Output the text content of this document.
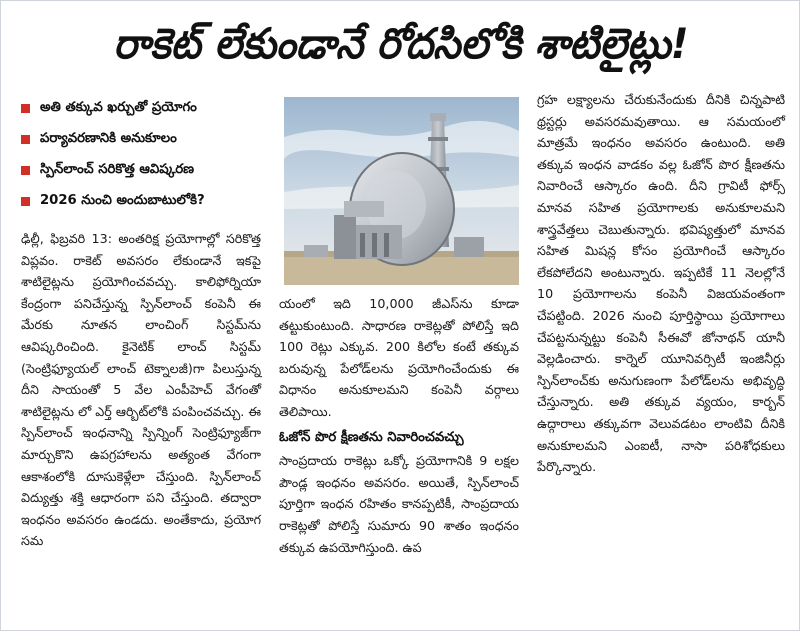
రాకెట్ లేకుండానే రోదసిలోకి శాటిలైట్లు!
అతి తక్కువ ఖర్చుతో ప్రయోగం
పర్యావరణానికి అనుకూలం
స్పిన్‌లాంచ్ సరికొత్త ఆవిష్కరణ
2026 నుంచి అందుబాటులోకి?

ఢిల్లీ, ఫిబ్రవరి 13: అంతరిక్ష ప్రయోగాల్లో సరికొత్త విప్లవం. రాకెట్ అవసరం లేకుండానే ఇకపై శాటిలైట్లను ప్రయోగించవచ్చు. కాలిఫోర్నియా కేంద్రంగా పనిచేస్తున్న స్పిన్‌లాంచ్ కంపెనీ ఈ మేరకు నూతన లాంచింగ్ సిస్టమ్‌ను ఆవిష్కరించింది. కైనెటిక్ లాంచ్ సిస్టమ్ (సెంట్రిఫ్యూయల్ లాంచ్ టెక్నాలజీ)గా పిలుస్తున్న దీని సాయంతో 5 వేల ఎంపీహెచ్ వేగంతో శాటిలైట్లను లో ఎర్త్ ఆర్బిట్‌లోకి పంపించవచ్చు. ఈ స్పిన్‌లాంచ్ ఇంధనాన్ని స్పిన్నింగ్ సెంట్రిఫ్యూజ్‌గా మార్చుకొని ఉపగ్రహాలను అత్యంత వేగంగా ఆకాశంలోకి దూసుకెళ్లేలా చేస్తుంది. స్పిన్‌లాంచ్ విద్యుత్తు శక్తి ఆధారంగా పని చేస్తుంది. తద్వారా ఇంధనం అవసరం ఉండదు. అంతేకాదు, ప్రయోగ సమ

యంలో ఇది 10,000 జీఎస్‌ను కూడా తట్టుకుంటుంది. సాధారణ రాకెట్లతో పోలిస్తే ఇది 100 రెట్లు ఎక్కువ. 200 కిలోల కంటే తక్కువ బరువున్న పేలోడ్‌లను ప్రయోగించేందుకు ఈ విధానం అనుకూలమని కంపెనీ వర్గాలు తెలిపాయి.

ఓజోన్ పొర క్షీణతను నివారించవచ్చు

సాంప్రదాయ రాకెట్లు ఒక్కో ప్రయోగానికి 9 లక్షల పౌండ్ల ఇంధనం అవసరం. అయితే, స్పిన్‌లాంచ్ పూర్తిగా ఇంధన రహితం కానప్పటికీ, సాంప్రదాయ రాకెట్లతో పోలిస్తే సుమారు 90 శాతం ఇంధనం తక్కువ ఉపయోగిస్తుంది. ఉప

గ్రహ లక్ష్యాలను చేరుకునేందుకు దీనికి చిన్నపాటి థ్రస్టర్లు అవసరమవుతాయి. ఆ సమయంలో మాత్రమే ఇంధనం అవసరం ఉంటుంది. అతి తక్కువ ఇంధన వాడకం వల్ల ఓజోన్ పొర క్షీణతను నివారించే ఆస్కారం ఉంది. దీని గ్రావిటీ ఫోర్స్ మానవ సహిత ప్రయోగాలకు అనుకూలమని శాస్త్రవేత్తలు చెబుతున్నారు. భవిష్యత్తులో మానవ సహిత మిషన్ల కోసం ప్రయోగించే ఆస్కారం లేకపోలేదని అంటున్నారు. ఇప్పటికే 11 నెలల్లోనే 10 ప్రయోగాలను కంపెనీ విజయవంతంగా చేపట్టింది. 2026 నుంచి పూర్తిస్థాయి ప్రయోగాలు చేపట్టనున్నట్టు కంపెనీ సీఈవో జోనాథన్ యానీ వెల్లడించారు. కార్నెల్ యూనివర్సిటీ ఇంజినీర్లు స్పిన్‌లాంచ్‌కు అనుగుణంగా పేలోడ్‌లను అభివృద్ధి చేస్తున్నారు. అతి తక్కువ వ్యయం, కార్బన్ ఉద్గారాలు తక్కువగా వెలువడటం లాంటివి దీనికి అనుకూలమని ఎంఐటీ, నాసా పరిశోధకులు పేర్కొన్నారు.
